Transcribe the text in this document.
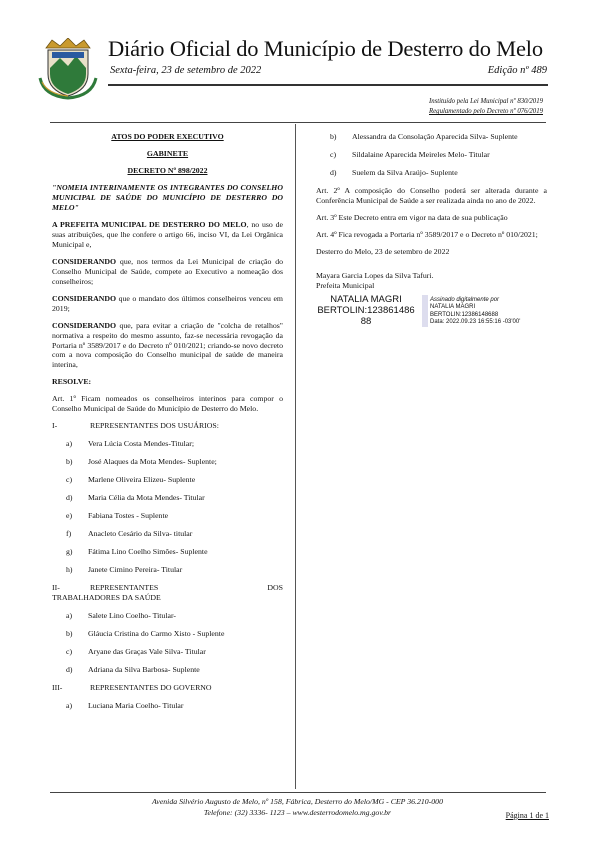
Diário Oficial do Município de Desterro do Melo
Sexta-feira, 23 de setembro de 2022	Edição nº 489
Instituído pela Lei Municipal nº 830/2019
Regulamentado pelo Decreto nº 076/2019

ATOS DO PODER EXECUTIVO

GABINETE

DECRETO Nº 898/2022

"NOMEIA INTERINAMENTE OS INTEGRANTES DO CONSELHO MUNICIPAL DE SAÚDE DO MUNICÍPIO DE DESTERRO DO MELO"

A PREFEITA MUNICIPAL DE DESTERRO DO MELO, no uso de suas atribuições, que lhe confere o artigo 66, inciso VI, da Lei Orgânica Municipal e,

CONSIDERANDO que, nos termos da Lei Municipal de criação do Conselho Municipal de Saúde, compete ao Executivo a nomeação dos conselheiros;

CONSIDERANDO que o mandato dos últimos conselheiros venceu em 2019;

CONSIDERANDO que, para evitar a criação de "colcha de retalhos" normativa a respeito do mesmo assunto, faz-se necessária revogação da Portaria nº 3589/2017 e do Decreto nº 010/2021; criando-se novo decreto com a nova composição do Conselho municipal de saúde de maneira interina,

RESOLVE:

Art. 1º Ficam nomeados os conselheiros interinos para compor o Conselho Municipal de Saúde do Município de Desterro do Melo.

I-	REPRESENTANTES DOS USUÁRIOS:
a)	Vera Lúcia Costa Mendes-Titular;
b)	José Alaques da Mota Mendes- Suplente;
c)	Marlene Oliveira Elizeu- Suplente
d)	Maria Célia da Mota Mendes- Titular
e)	Fabiana Tostes - Suplente
f)	Anacleto Cesário da Silva- titular
g)	Fátima Lino Coelho Simões- Suplente
h)	Janete Cimino Pereira- Titular
II-	REPRESENTANTES	DOS
TRABALHADORES DA SAÚDE
a)	Salete Lino Coelho- Titular-
b)	Gláucia Cristina do Carmo Xisto - Suplente
c)	Aryane das Graças Vale Silva- Titular
d)	Adriana da Silva Barbosa- Suplente
III-	REPRESENTANTES DO GOVERNO
a)	Luciana Maria Coelho- Titular
b)	Alessandra da Consolação Aparecida Silva- Suplente
c)	Sildalaine Aparecida Meireles Melo- Titular
d)	Suelem da Silva Araújo- Suplente

Art. 2º A composição do Conselho poderá ser alterada durante a Conferência Municipal de Saúde a ser realizada ainda no ano de 2022.

Art. 3º Este Decreto entra em vigor na data de sua publicação

Art. 4º Fica revogada a Portaria nº 3589/2017 e o Decreto nº 010/2021;

Desterro do Melo, 23 de setembro de 2022

Mayara Garcia Lopes da Silva Tafuri.

Prefeita Municipal

NATALIA MAGRI
BERTOLIN:123861486
88
Assinado digitalmente por
NATALIA MAGRI
BERTOLIN:12386148688
Data: 2022.09.23 16:55:16 -03'00'
Avenida Silvério Augusto de Melo, nº 158, Fábrica, Desterro do Melo/MG - CEP 36.210-000
Telefone: (32) 3336- 1123 – www.desterrodomelo.mg.gov.br	Página 1 de 1
